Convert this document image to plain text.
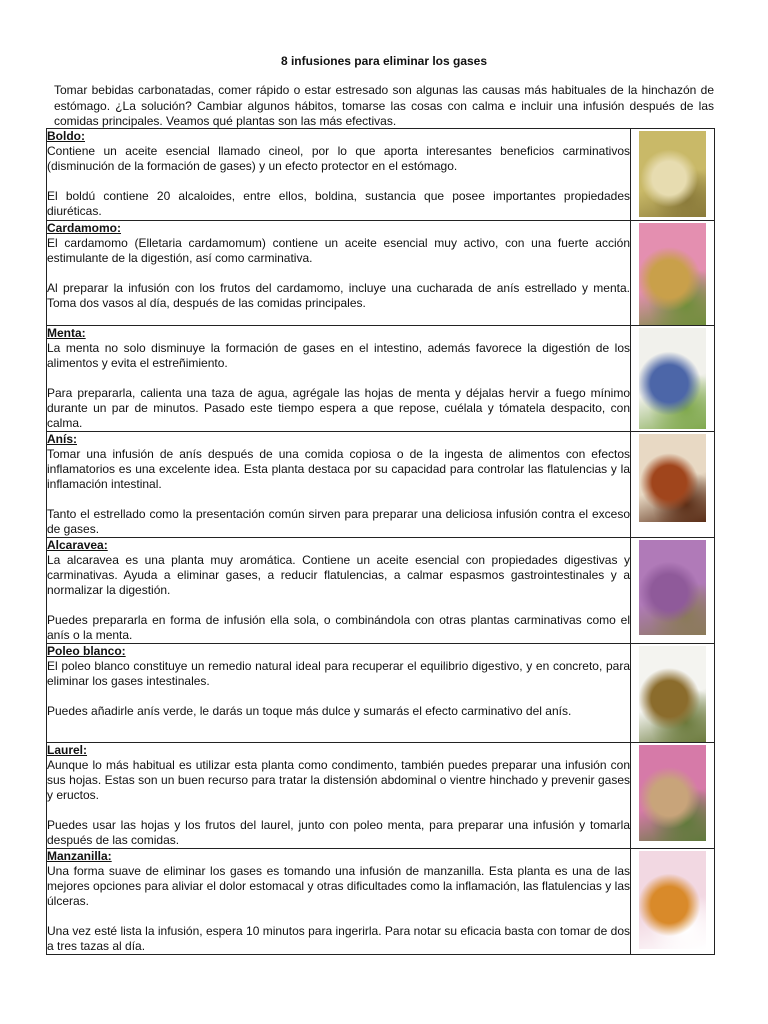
8 infusiones para eliminar los gases
Tomar bebidas carbonatadas, comer rápido o estar estresado son algunas las causas más habituales de la hinchazón de estómago. ¿La solución? Cambiar algunos hábitos, tomarse las cosas con calma e incluir una infusión después de las comidas principales. Veamos qué plantas son las más efectivas.
Boldo:

Contiene un aceite esencial llamado cineol, por lo que aporta interesantes beneficios carminativos (disminución de la formación de gases) y un efecto protector en el estómago.

El boldú contiene 20 alcaloides, entre ellos, boldina, sustancia que posee importantes propiedades diuréticas.	

Cardamomo:

El cardamomo (Elletaria cardamomum) contiene un aceite esencial muy activo, con una fuerte acción estimulante de la digestión, así como carminativa.

Al preparar la infusión con los frutos del cardamomo, incluye una cucharada de anís estrellado y menta. Toma dos vasos al día, después de las comidas principales.	

Menta:

La menta no solo disminuye la formación de gases en el intestino, además favorece la digestión de los alimentos y evita el estreñimiento.

Para prepararla, calienta una taza de agua, agrégale las hojas de menta y déjalas hervir a fuego mínimo durante un par de minutos. Pasado este tiempo espera a que repose, cuélala y tómatela despacito, con calma.	

Anís:

Tomar una infusión de anís después de una comida copiosa o de la ingesta de alimentos con efectos inflamatorios es una excelente idea. Esta planta destaca por su capacidad para controlar las flatulencias y la inflamación intestinal.

Tanto el estrellado como la presentación común sirven para preparar una deliciosa infusión contra el exceso de gases.	

Alcaravea:

La alcaravea es una planta muy aromática. Contiene un aceite esencial con propiedades digestivas y carminativas. Ayuda a eliminar gases, a reducir flatulencias, a calmar espasmos gastrointestinales y a normalizar la digestión.

Puedes prepararla en forma de infusión ella sola, o combinándola con otras plantas carminativas como el anís o la menta.	

Poleo blanco:

El poleo blanco constituye un remedio natural ideal para recuperar el equilibrio digestivo, y en concreto, para eliminar los gases intestinales.

Puedes añadirle anís verde, le darás un toque más dulce y sumarás el efecto carminativo del anís.	

Laurel:

Aunque lo más habitual es utilizar esta planta como condimento, también puedes preparar una infusión con sus hojas. Estas son un buen recurso para tratar la distensión abdominal o vientre hinchado y prevenir gases y eructos.

Puedes usar las hojas y los frutos del laurel, junto con poleo menta, para preparar una infusión y tomarla después de las comidas.	

Manzanilla:

Una forma suave de eliminar los gases es tomando una infusión de manzanilla. Esta planta es una de las mejores opciones para aliviar el dolor estomacal y otras dificultades como la inflamación, las flatulencias y las úlceras.

Una vez esté lista la infusión, espera 10 minutos para ingerirla. Para notar su eficacia basta con tomar de dos a tres tazas al día.	
